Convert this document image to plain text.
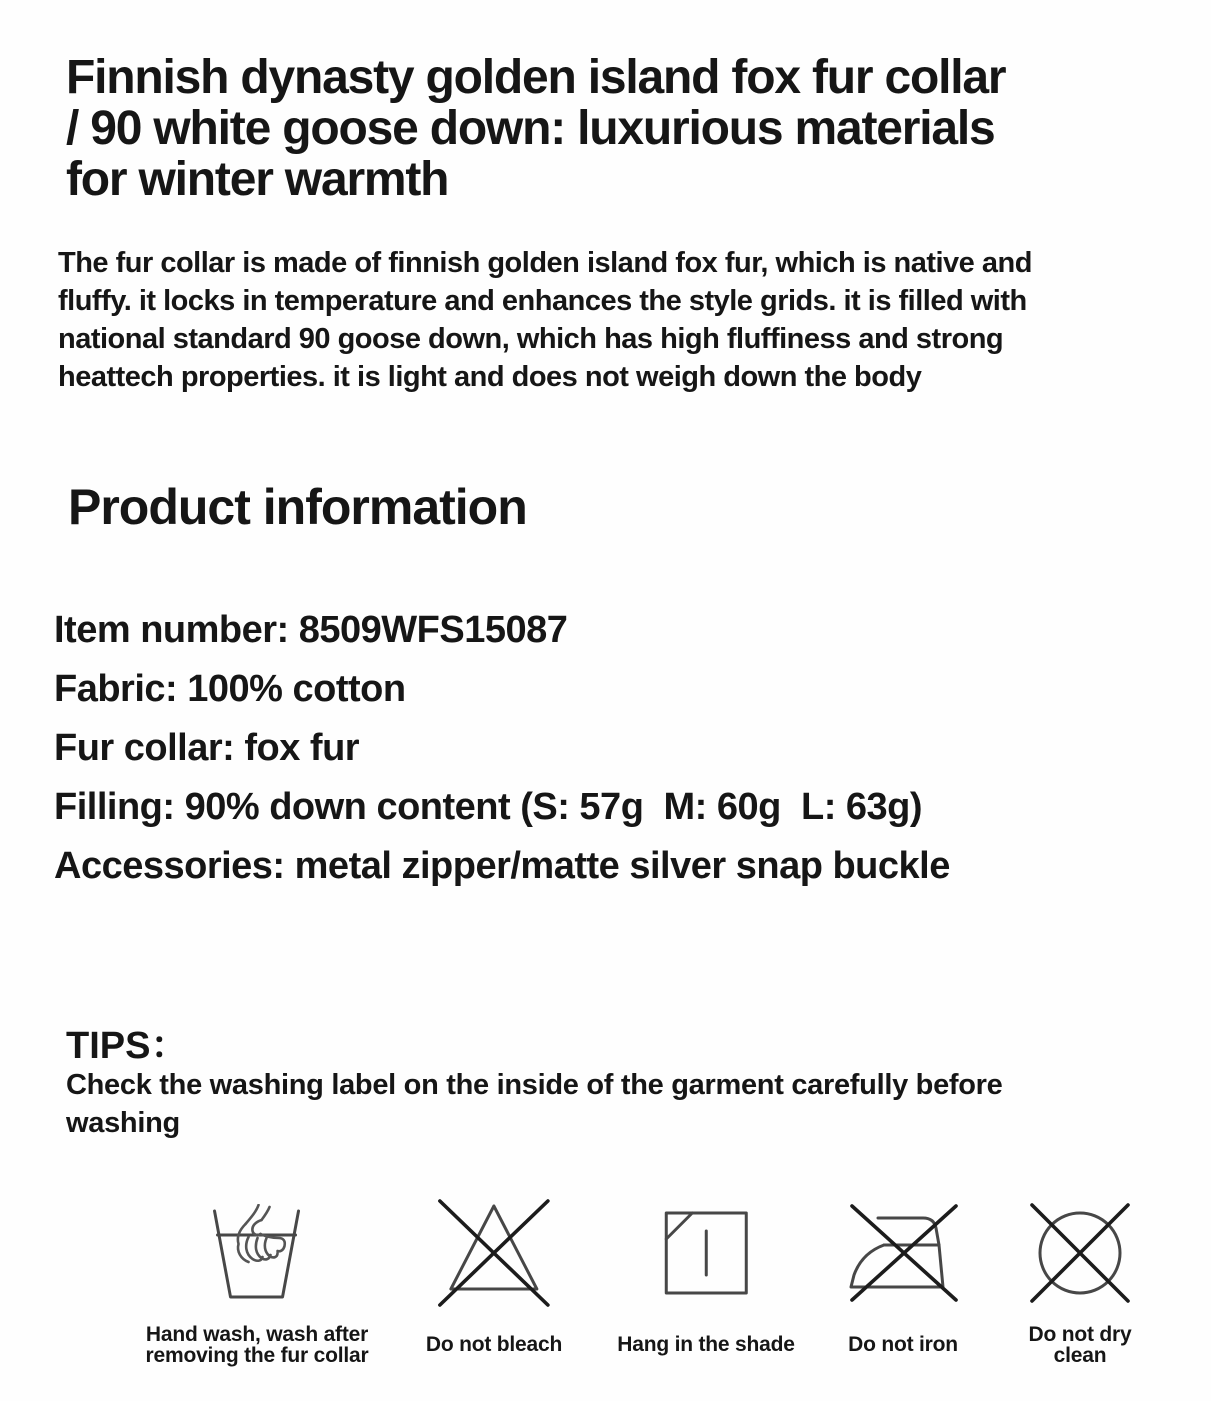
Finnish dynasty golden island fox fur collar
/ 90 white goose down: luxurious materials
for winter warmth
The fur collar is made of finnish golden island fox fur, which is native and
fluffy. it locks in temperature and enhances the style grids. it is filled with
national standard 90 goose down, which has high fluffiness and strong
heattech properties. it is light and does not weigh down the body
Product information
Item number: 8509WFS15087
Fabric: 100% cotton
Fur collar: fox fur
Filling: 90% down content (S: 57g  M: 60g  L: 63g)
Accessories: metal zipper/matte silver snap buckle
TIPS：
Check the washing label on the inside of the garment carefully before
washing
Hand wash, wash after
removing the fur collar	Do not bleach	Hang in the shade	Do not iron	Do not dry
clean
